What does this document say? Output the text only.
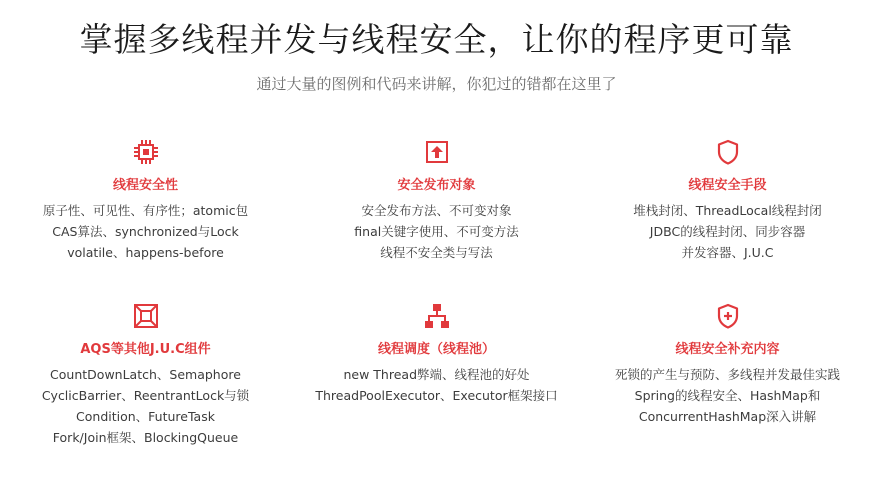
掌握多线程并发与线程安全，让你的程序更可靠
通过大量的图例和代码来讲解，你犯过的错都在这里了
线程安全性
原子性、可见性、有序性；atomic包
CAS算法、synchronized与Lock
volatile、happens-before
安全发布对象
安全发布方法、不可变对象
final关键字使用、不可变方法
线程不安全类与写法
线程安全手段
堆栈封闭、ThreadLocal线程封闭
JDBC的线程封闭、同步容器
并发容器、J.U.C
AQS等其他J.U.C组件
CountDownLatch、Semaphore
CyclicBarrier、ReentrantLock与锁
Condition、FutureTask
Fork/Join框架、BlockingQueue
线程调度（线程池）
new Thread弊端、线程池的好处
ThreadPoolExecutor、Executor框架接口
线程安全补充内容
死锁的产生与预防、多线程并发最佳实践
Spring的线程安全、HashMap和
ConcurrentHashMap深入讲解
